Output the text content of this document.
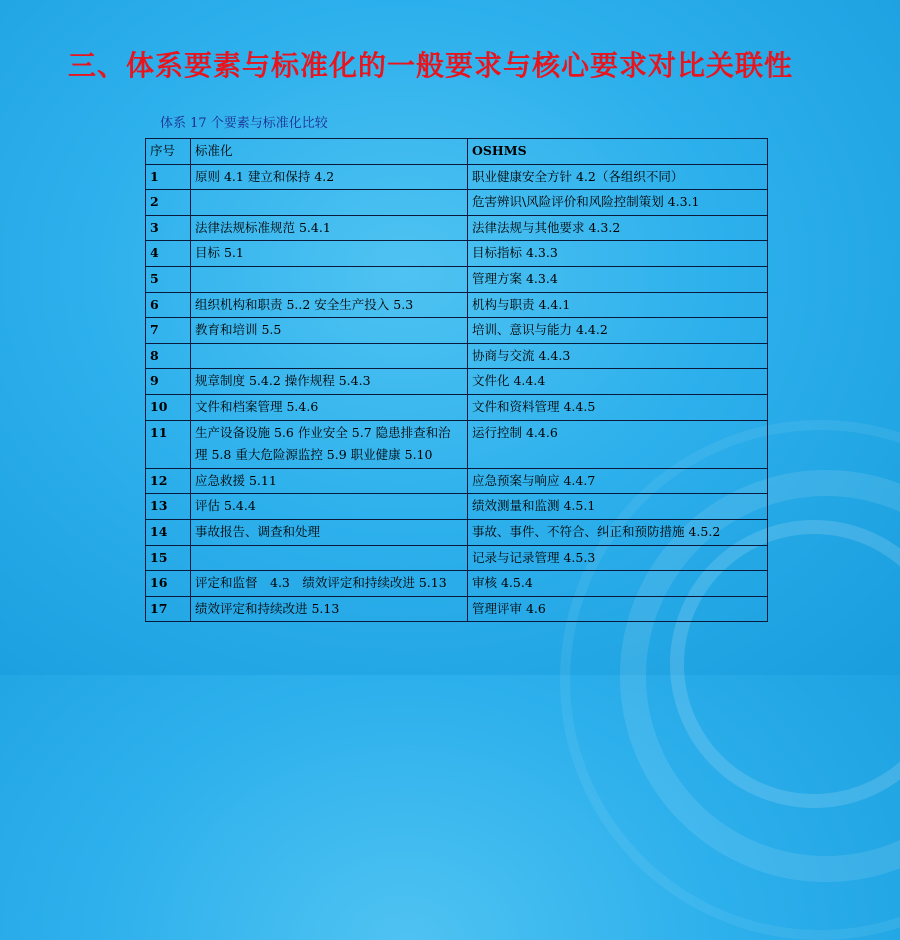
三、体系要素与标准化的一般要求与核心要求对比关联性

体系 17 个要素与标准化比较

序号	标准化	OSHMS
1	原则 4.1 建立和保持 4.2	职业健康安全方针 4.2（各组织不同）
2		危害辨识\风险评价和风险控制策划 4.3.1
3	法律法规标准规范 5.4.1	法律法规与其他要求 4.3.2
4	目标 5.1	目标指标 4.3.3
5		管理方案 4.3.4
6	组织机构和职责 5..2 安全生产投入 5.3	机构与职责 4.4.1
7	教育和培训 5.5	培训、意识与能力 4.4.2
8		协商与交流 4.4.3
9	规章制度 5.4.2 操作规程 5.4.3	文件化 4.4.4
10	文件和档案管理 5.4.6	文件和资料管理 4.4.5
11	生产设备设施 5.6 作业安全 5.7 隐患排查和治理 5.8 重大危险源监控 5.9 职业健康 5.10	运行控制 4.4.6
12	应急救援 5.11	应急预案与响应 4.4.7
13	评估 5.4.4	绩效测量和监测 4.5.1
14	事故报告、调查和处理	事故、事件、不符合、纠正和预防措施 4.5.2
15		记录与记录管理 4.5.3
16	评定和监督　4.3　绩效评定和持续改进 5.13	审核 4.5.4
17	绩效评定和持续改进 5.13	管理评审 4.6
